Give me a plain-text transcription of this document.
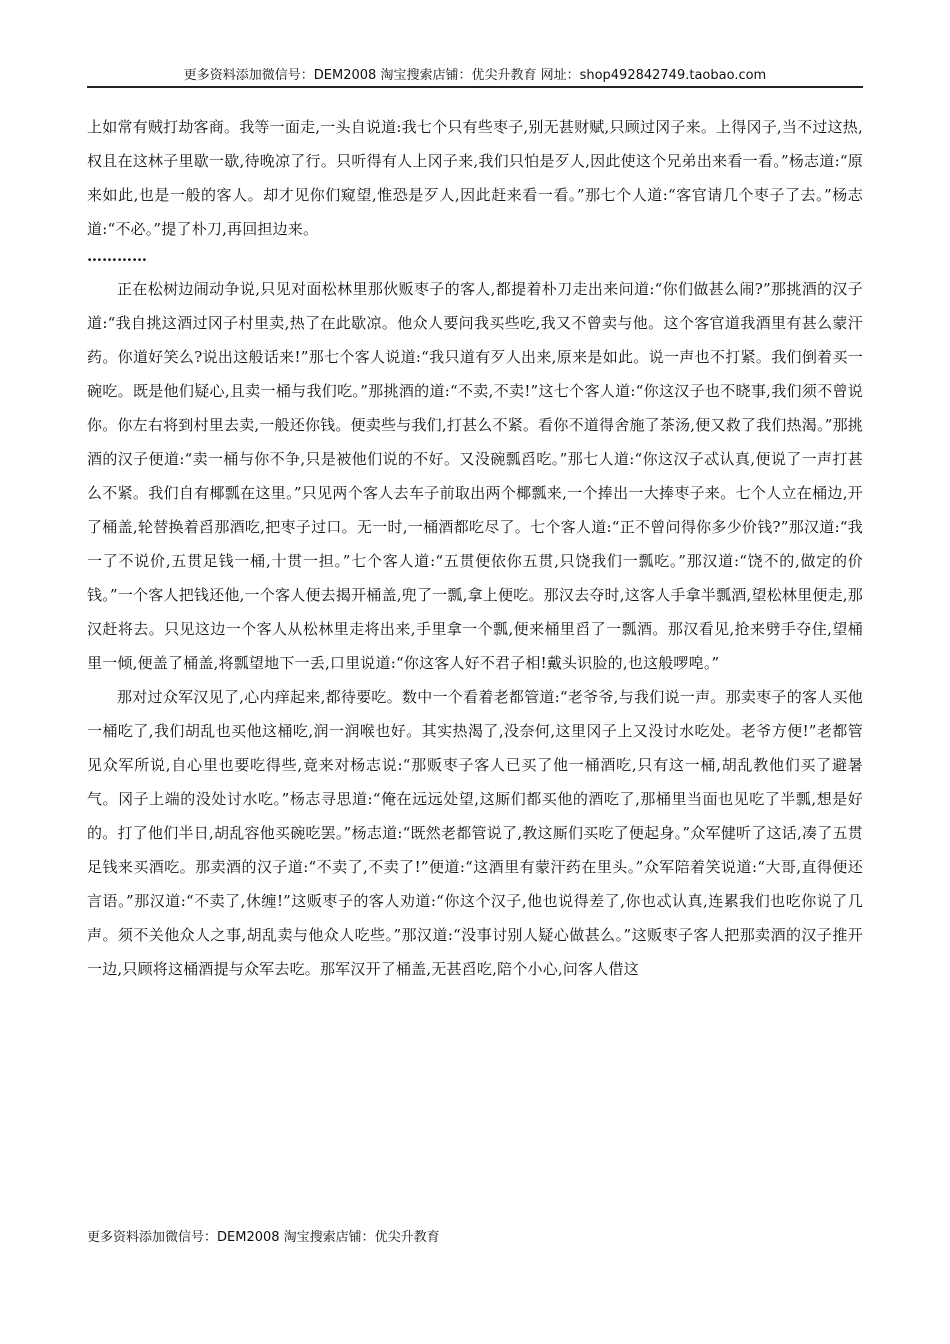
更多资料添加微信号：DEM2008 淘宝搜索店铺：优尖升教育 网址：shop492842749.taobao.com

上如常有贼打劫客商。我等一面走,一头自说道:我七个只有些枣子,别无甚财赋,只顾过冈子来。上得冈子,当不过这热,权且在这林子里歇一歇,待晚凉了行。只听得有人上冈子来,我们只怕是歹人,因此使这个兄弟出来看一看。”杨志道:“原来如此,也是一般的客人。却才见你们窥望,惟恐是歹人,因此赶来看一看。”那七个人道:“客官请几个枣子了去。”杨志道:“不必。”提了朴刀,再回担边来。

…………

正在松树边闹动争说,只见对面松林里那伙贩枣子的客人,都提着朴刀走出来问道:“你们做甚么闹?”那挑酒的汉子道:“我自挑这酒过冈子村里卖,热了在此歇凉。他众人要问我买些吃,我又不曾卖与他。这个客官道我酒里有甚么蒙汗药。你道好笑么?说出这般话来!”那七个客人说道:“我只道有歹人出来,原来是如此。说一声也不打紧。我们倒着买一碗吃。既是他们疑心,且卖一桶与我们吃。”那挑酒的道:“不卖,不卖!”这七个客人道:“你这汉子也不晓事,我们须不曾说你。你左右将到村里去卖,一般还你钱。便卖些与我们,打甚么不紧。看你不道得舍施了茶汤,便又救了我们热渴。”那挑酒的汉子便道:“卖一桶与你不争,只是被他们说的不好。又没碗瓢舀吃。”那七人道:“你这汉子忒认真,便说了一声打甚么不紧。我们自有椰瓢在这里。”只见两个客人去车子前取出两个椰瓢来,一个捧出一大捧枣子来。七个人立在桶边,开了桶盖,轮替换着舀那酒吃,把枣子过口。无一时,一桶酒都吃尽了。七个客人道:“正不曾问得你多少价钱?”那汉道:“我一了不说价,五贯足钱一桶,十贯一担。”七个客人道:“五贯便依你五贯,只饶我们一瓢吃。”那汉道:“饶不的,做定的价钱。”一个客人把钱还他,一个客人便去揭开桶盖,兜了一瓢,拿上便吃。那汉去夺时,这客人手拿半瓢酒,望松林里便走,那汉赶将去。只见这边一个客人从松林里走将出来,手里拿一个瓢,便来桶里舀了一瓢酒。那汉看见,抢来劈手夺住,望桶里一倾,便盖了桶盖,将瓢望地下一丢,口里说道:“你这客人好不君子相!戴头识脸的,也这般啰唣。”

那对过众军汉见了,心内痒起来,都待要吃。数中一个看着老都管道:“老爷爷,与我们说一声。那卖枣子的客人买他一桶吃了,我们胡乱也买他这桶吃,润一润喉也好。其实热渴了,没奈何,这里冈子上又没讨水吃处。老爷方便!”老都管见众军所说,自心里也要吃得些,竟来对杨志说:“那贩枣子客人已买了他一桶酒吃,只有这一桶,胡乱教他们买了避暑气。冈子上端的没处讨水吃。”杨志寻思道:“俺在远远处望,这厮们都买他的酒吃了,那桶里当面也见吃了半瓢,想是好的。打了他们半日,胡乱容他买碗吃罢。”杨志道:“既然老都管说了,教这厮们买吃了便起身。”众军健听了这话,凑了五贯足钱来买酒吃。那卖酒的汉子道:“不卖了,不卖了!”便道:“这酒里有蒙汗药在里头。”众军陪着笑说道:“大哥,直得便还言语。”那汉道:“不卖了,休缠!”这贩枣子的客人劝道:“你这个汉子,他也说得差了,你也忒认真,连累我们也吃你说了几声。须不关他众人之事,胡乱卖与他众人吃些。”那汉道:“没事讨别人疑心做甚么。”这贩枣子客人把那卖酒的汉子推开一边,只顾将这桶酒提与众军去吃。那军汉开了桶盖,无甚舀吃,陪个小心,问客人借这

更多资料添加微信号：DEM2008 淘宝搜索店铺：优尖升教育
